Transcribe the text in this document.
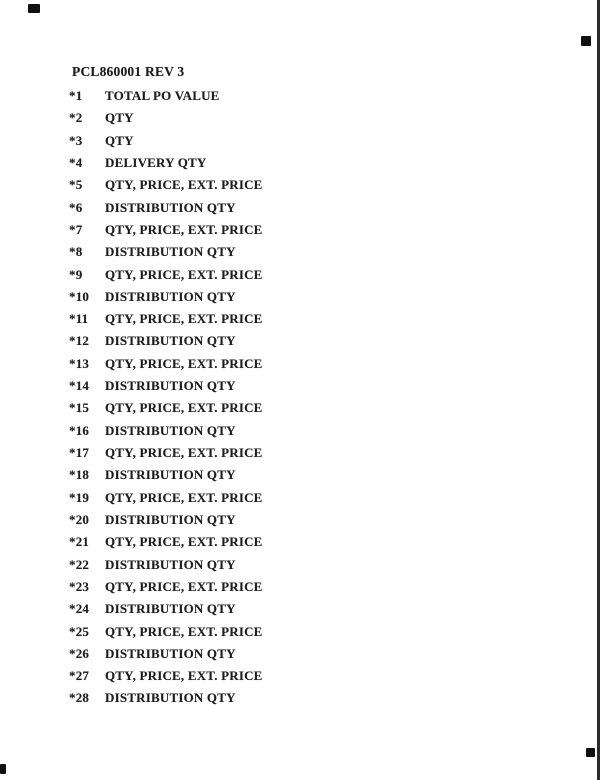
PCL860001 REV 3
*1 TOTAL PO VALUE
*2 QTY
*3 QTY
*4 DELIVERY QTY
*5 QTY, PRICE, EXT. PRICE
*6 DISTRIBUTION QTY
*7 QTY, PRICE, EXT. PRICE
*8 DISTRIBUTION QTY
*9 QTY, PRICE, EXT. PRICE
*10 DISTRIBUTION QTY
*11 QTY, PRICE, EXT. PRICE
*12 DISTRIBUTION QTY
*13 QTY, PRICE, EXT. PRICE
*14 DISTRIBUTION QTY
*15 QTY, PRICE, EXT. PRICE
*16 DISTRIBUTION QTY
*17 QTY, PRICE, EXT. PRICE
*18 DISTRIBUTION QTY
*19 QTY, PRICE, EXT. PRICE
*20 DISTRIBUTION QTY
*21 QTY, PRICE, EXT. PRICE
*22 DISTRIBUTION QTY
*23 QTY, PRICE, EXT. PRICE
*24 DISTRIBUTION QTY
*25 QTY, PRICE, EXT. PRICE
*26 DISTRIBUTION QTY
*27 QTY, PRICE, EXT. PRICE
*28 DISTRIBUTION QTY
